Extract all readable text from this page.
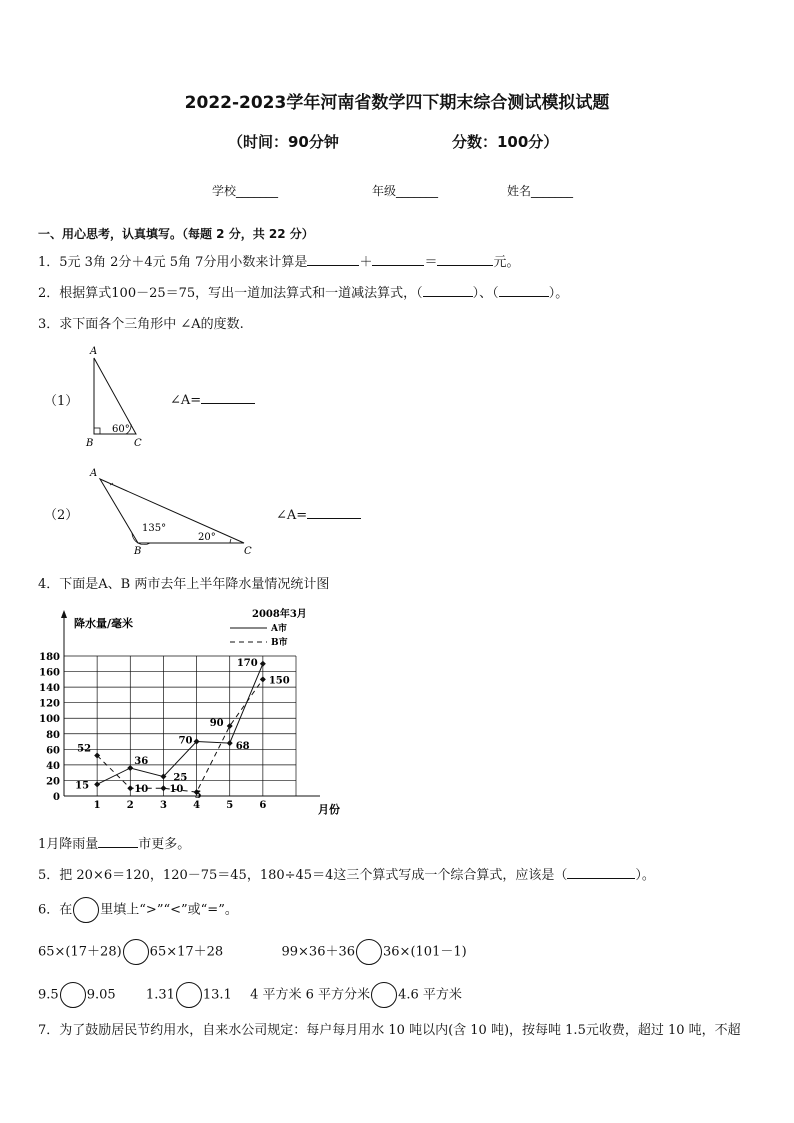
2022-2023学年河南省数学四下期末综合测试模拟试题
（时间：90分钟	分数：100分）
学校_______	年级_______	姓名_______
一、用心思考，认真填写。（每题 2 分，共 22 分）
1．5元 3角 2分＋4元 5角 7分用小数来计算是	＋	＝	元。
2．根据算式100－25＝75，写出一道加法算式和一道减法算式，（	）、（	）。
3．求下面各个三角形中 ∠A的度数.
（1）
A
B	C
60°
∠A=
（2）
A
B	C
135°
20°
∠A=
4．下面是A、B 两市去年上半年降水量情况统计图
0
20
40
60
80
100
120
140
160
180
1	2	3	4	5	6
15
36
25
70
68
170
52
10 10
5
90
150
降水量/毫米
2008年3月
A市
B市
月份
1月降雨量	市更多。
5．把 20×6＝120，120－75＝45，180÷45＝4这三个算式写成一个综合算式，应该是（	）。
6．在 里填上“>”“<”或“=”。
65×(17＋28) 65×17＋28	99×36＋36 36×(101－1)
9.5 9.05 1.31 13.1 4 平方米 6 平方分米 4.6 平方米
7．为了鼓励居民节约用水，自来水公司规定：每户每月用水 10 吨以内(含 10 吨)，按每吨 1.5元收费，超过 10 吨，不超
